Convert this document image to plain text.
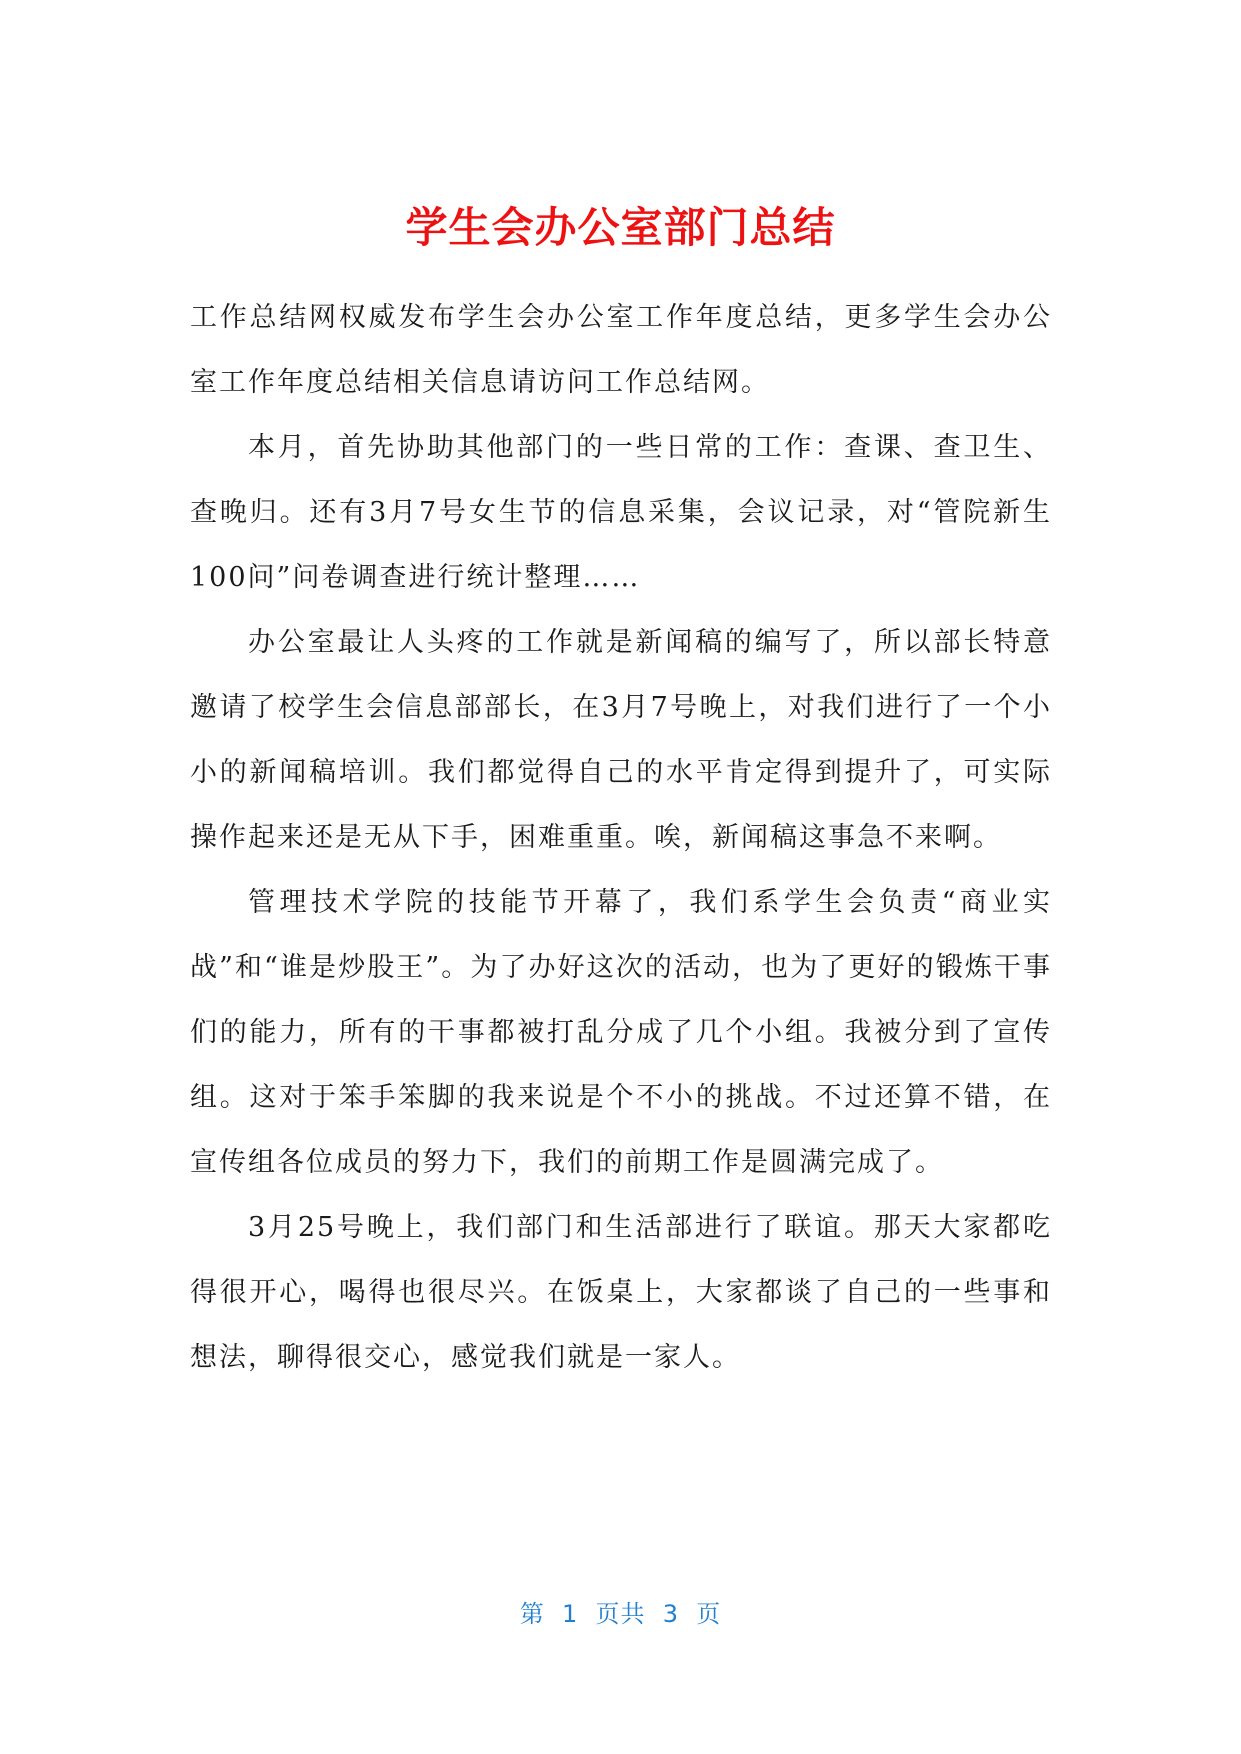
学生会办公室部门总结

工作总结网权威发布学生会办公室工作年度总结，更多学生会办公室工作年度总结相关信息请访问工作总结网。

本月，首先协助其他部门的一些日常的工作：查课、查卫生、查晚归。还有3月7号女生节的信息采集，会议记录，对“管院新生100问”问卷调查进行统计整理……

办公室最让人头疼的工作就是新闻稿的编写了，所以部长特意邀请了校学生会信息部部长，在3月7号晚上，对我们进行了一个小小的新闻稿培训。我们都觉得自己的水平肯定得到提升了，可实际操作起来还是无从下手，困难重重。唉，新闻稿这事急不来啊。

管理技术学院的技能节开幕了，我们系学生会负责“商业实战”和“谁是炒股王”。为了办好这次的活动，也为了更好的锻炼干事们的能力，所有的干事都被打乱分成了几个小组。我被分到了宣传组。这对于笨手笨脚的我来说是个不小的挑战。不过还算不错，在宣传组各位成员的努力下，我们的前期工作是圆满完成了。

3月25号晚上，我们部门和生活部进行了联谊。那天大家都吃得很开心，喝得也很尽兴。在饭桌上，大家都谈了自己的一些事和想法，聊得很交心，感觉我们就是一家人。

第  1  页共  3  页
